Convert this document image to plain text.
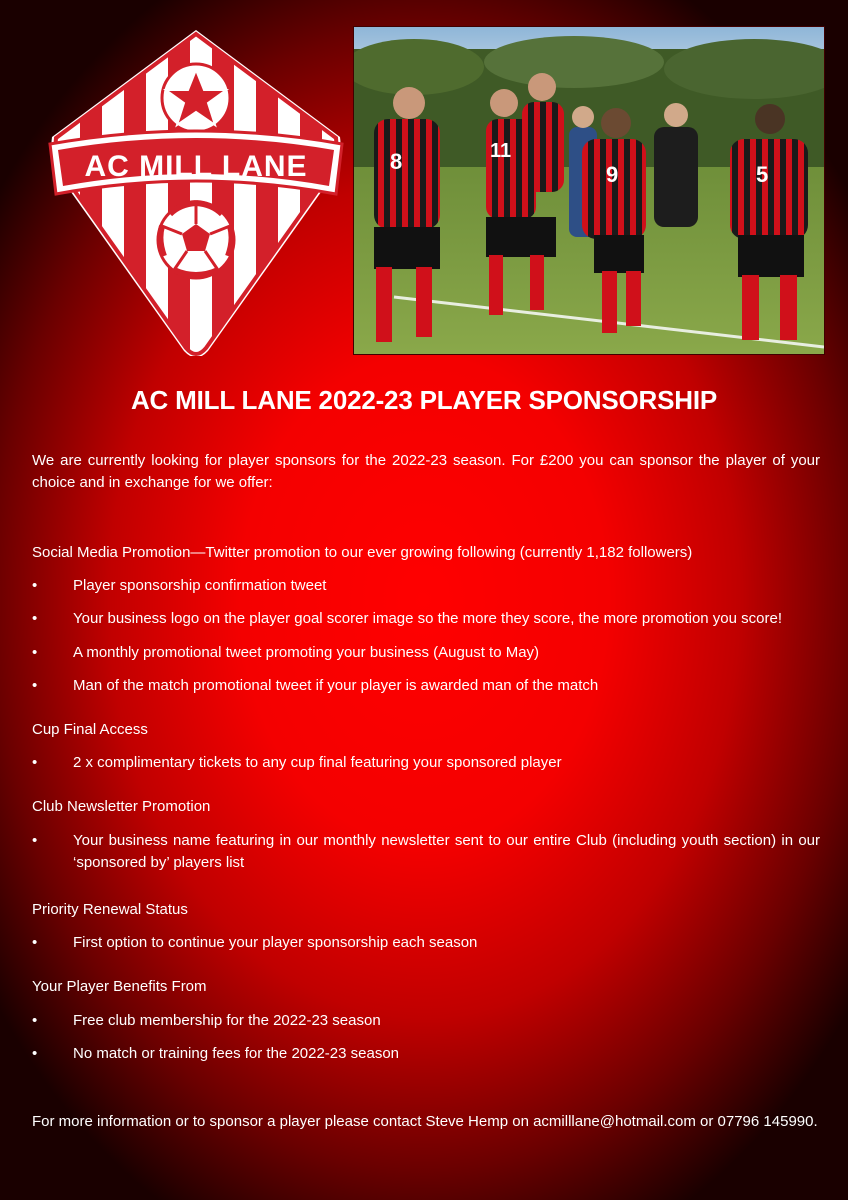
AC MILL LANE	8	11
9	5
AC MILL LANE 2022-23 PLAYER SPONSORSHIP

We are currently looking for player sponsors for the 2022-23 season. For £200 you can sponsor the player of your choice and in exchange for we offer:

Social Media Promotion—Twitter promotion to our ever growing following (currently 1,182 followers)

• Player sponsorship confirmation tweet
• Your business logo on the player goal scorer image so the more they score, the more promotion you score!
• A monthly promotional tweet promoting your business (August to May)
• Man of the match promotional tweet if your player is awarded man of the match

Cup Final Access

• 2 x complimentary tickets to any cup final featuring your sponsored player

Club Newsletter Promotion

• Your business name featuring in our monthly newsletter sent to our entire Club (including youth section) in our ‘sponsored by’ players list

Priority Renewal Status

• First option to continue your player sponsorship each season

Your Player Benefits From

• Free club membership for the 2022-23 season
• No match or training fees for the 2022-23 season

For more information or to sponsor a player please contact Steve Hemp on acmilllane@hotmail.com or 07796 145990.
